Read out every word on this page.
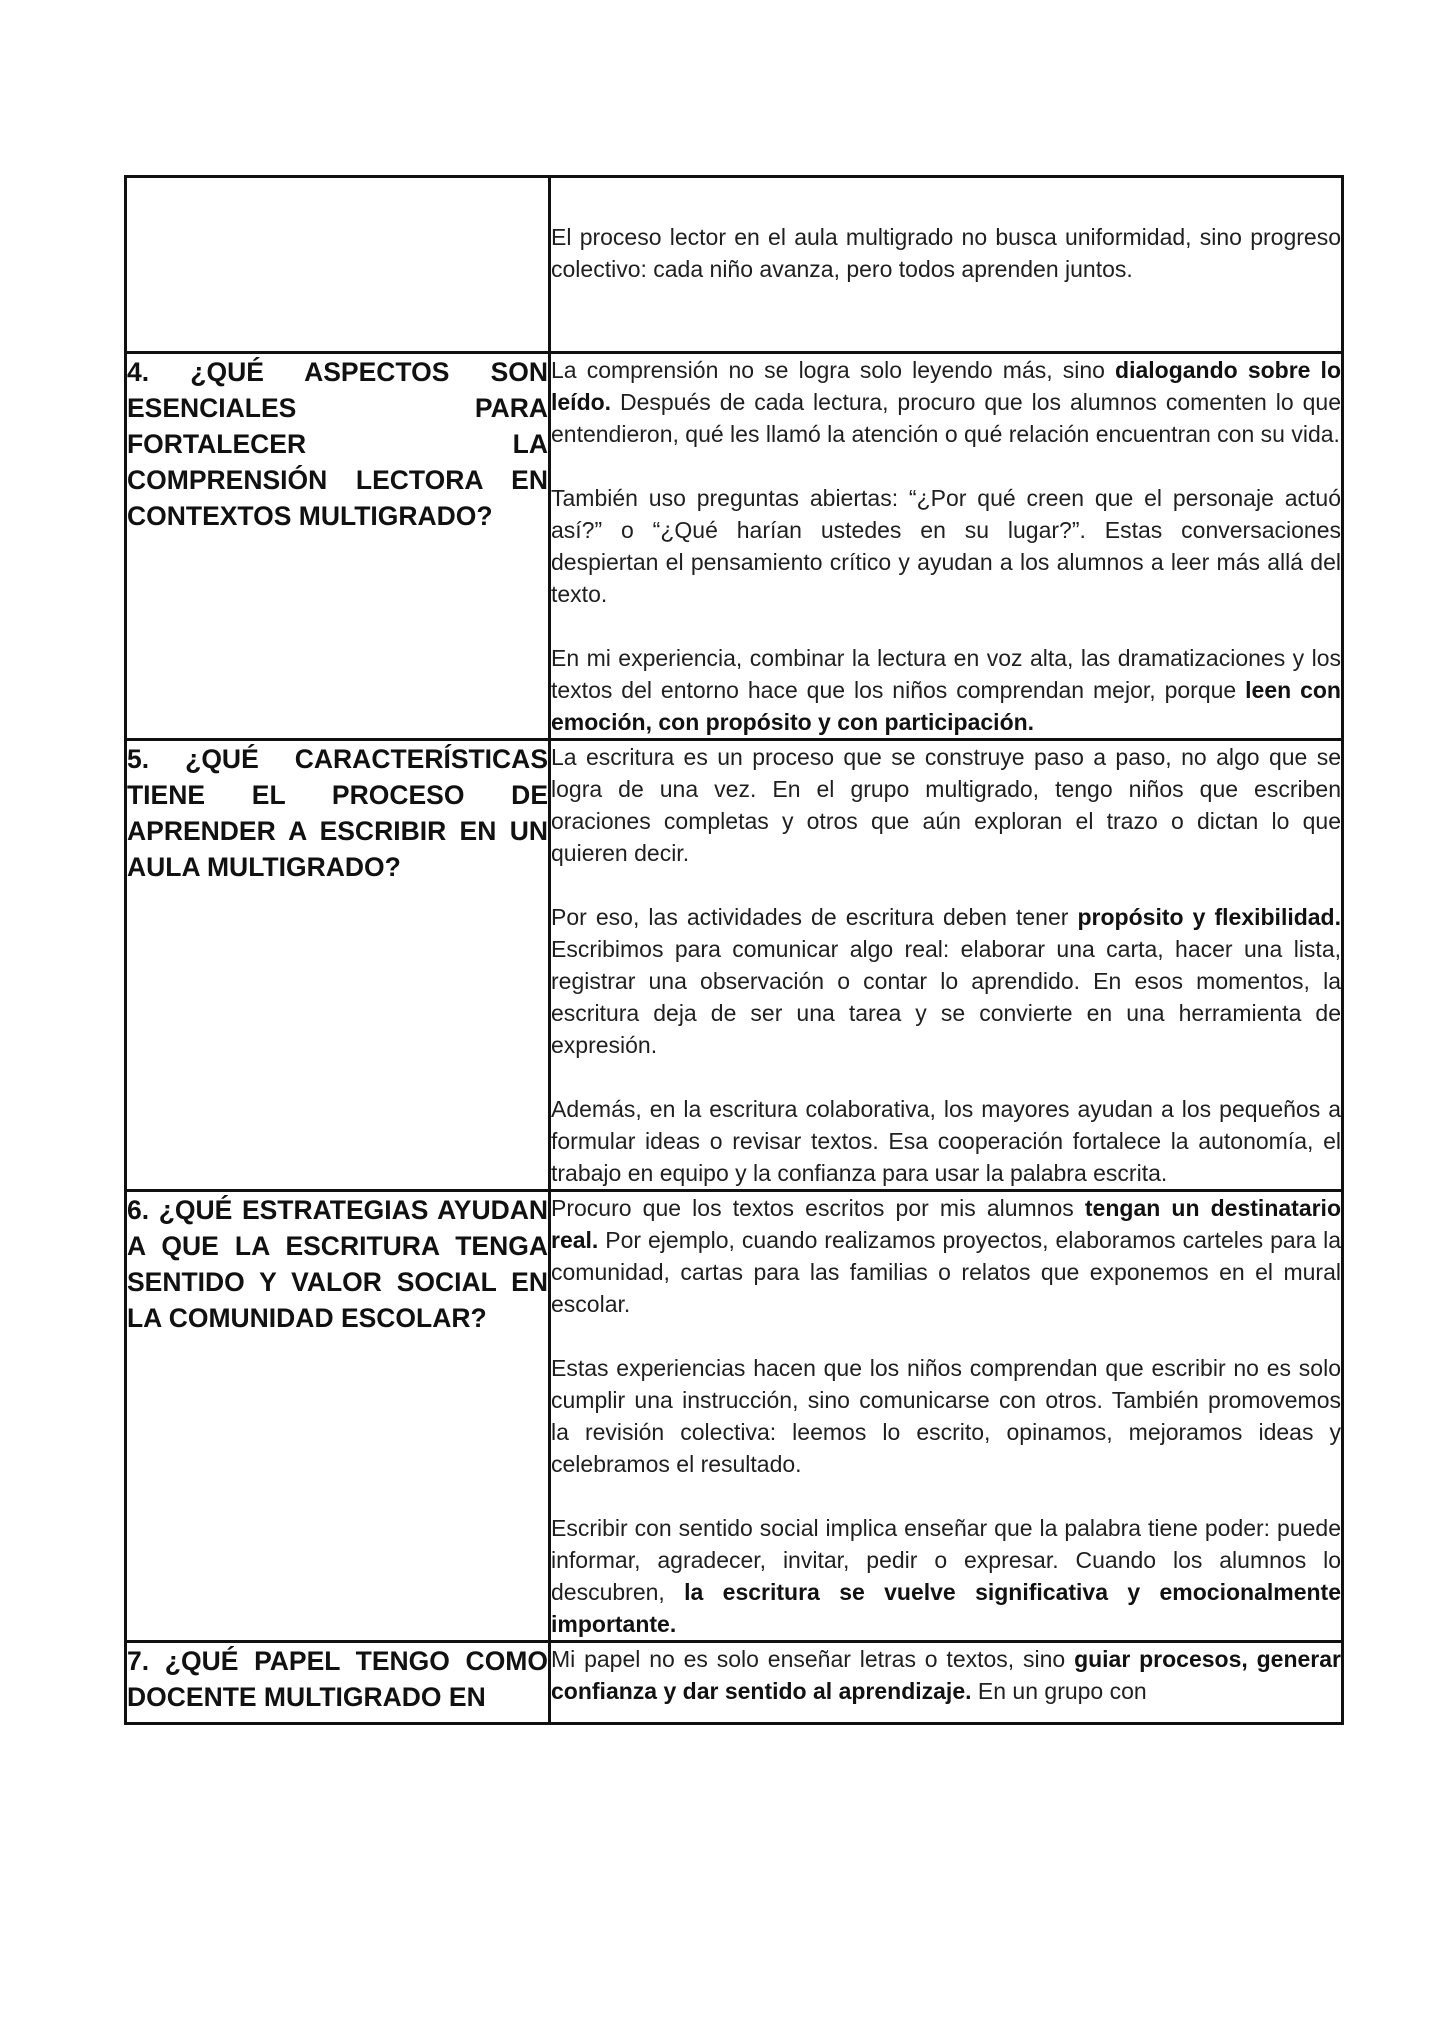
	El proceso lector en el aula multigrado no busca uniformidad, sino progreso colectivo: cada niño avanza, pero todos aprenden juntos.

4. ¿QUÉ ASPECTOS SON ESENCIALES PARA FORTALECER LA COMPRENSIÓN LECTORA EN CONTEXTOS MULTIGRADO?	La comprensión no se logra solo leyendo más, sino dialogando sobre lo leído. Después de cada lectura, procuro que los alumnos comenten lo que entendieron, qué les llamó la atención o qué relación encuentran con su vida.

También uso preguntas abiertas: “¿Por qué creen que el personaje actuó así?” o “¿Qué harían ustedes en su lugar?”. Estas conversaciones despiertan el pensamiento crítico y ayudan a los alumnos a leer más allá del texto.

En mi experiencia, combinar la lectura en voz alta, las dramatizaciones y los textos del entorno hace que los niños comprendan mejor, porque leen con emoción, con propósito y con participación.

5. ¿QUÉ CARACTERÍSTICAS TIENE EL PROCESO DE APRENDER A ESCRIBIR EN UN AULA MULTIGRADO?	La escritura es un proceso que se construye paso a paso, no algo que se logra de una vez. En el grupo multigrado, tengo niños que escriben oraciones completas y otros que aún exploran el trazo o dictan lo que quieren decir.

Por eso, las actividades de escritura deben tener propósito y flexibilidad. Escribimos para comunicar algo real: elaborar una carta, hacer una lista, registrar una observación o contar lo aprendido. En esos momentos, la escritura deja de ser una tarea y se convierte en una herramienta de expresión.

Además, en la escritura colaborativa, los mayores ayudan a los pequeños a formular ideas o revisar textos. Esa cooperación fortalece la autonomía, el trabajo en equipo y la confianza para usar la palabra escrita.

6. ¿QUÉ ESTRATEGIAS AYUDAN A QUE LA ESCRITURA TENGA SENTIDO Y VALOR SOCIAL EN LA COMUNIDAD ESCOLAR?	Procuro que los textos escritos por mis alumnos tengan un destinatario real. Por ejemplo, cuando realizamos proyectos, elaboramos carteles para la comunidad, cartas para las familias o relatos que exponemos en el mural escolar.

Estas experiencias hacen que los niños comprendan que escribir no es solo cumplir una instrucción, sino comunicarse con otros. También promovemos la revisión colectiva: leemos lo escrito, opinamos, mejoramos ideas y celebramos el resultado.

Escribir con sentido social implica enseñar que la palabra tiene poder: puede informar, agradecer, invitar, pedir o expresar. Cuando los alumnos lo descubren, la escritura se vuelve significativa y emocionalmente importante.

7. ¿QUÉ PAPEL TENGO COMO DOCENTE MULTIGRADO EN	Mi papel no es solo enseñar letras o textos, sino guiar procesos, generar confianza y dar sentido al aprendizaje. En un grupo con
